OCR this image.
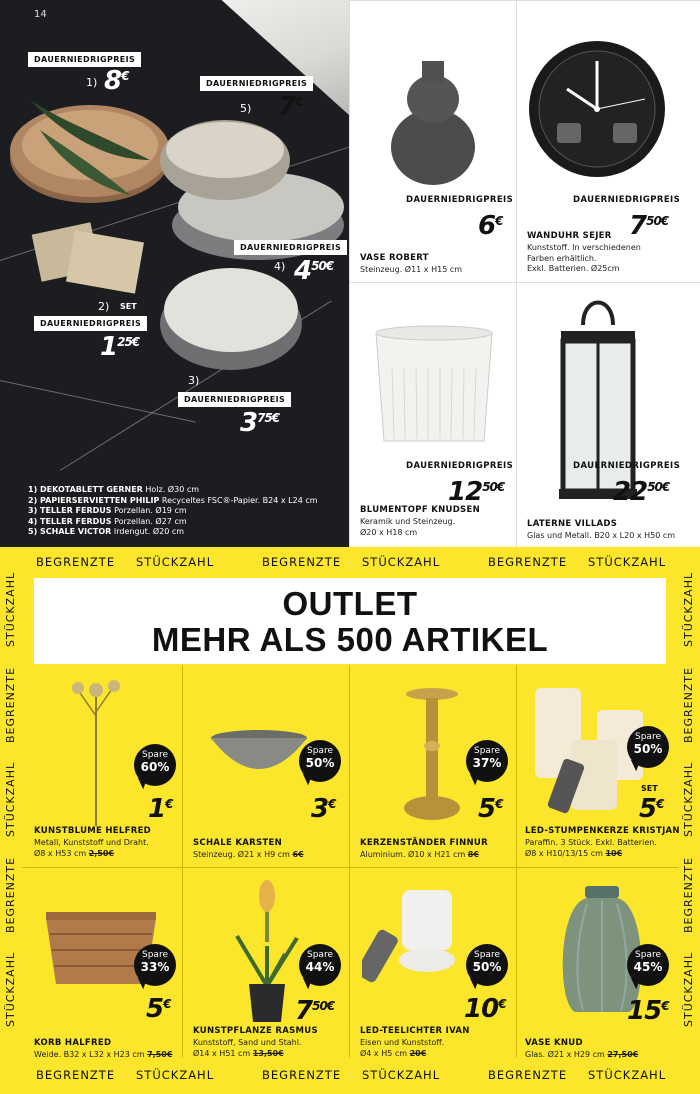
14
DAUERNIEDRIGPREIS
1) 8€
DAUERNIEDRIGPREIS
5) 7€
DAUERNIEDRIGPREIS
4) $4^{50€}$
2) SET
DAUERNIEDRIGPREIS
$1^{25€}$
3)
DAUERNIEDRIGPREIS
$3^{75€}$
1) DEKOTABLETT GERNER Holz. Ø30 cm
2) PAPIERSERVIETTEN PHILIP Recyceltes FSC®-Papier. B24 x L24 cm
3) TELLER FERDUS Porzellan. Ø19 cm
4) TELLER FERDUS Porzellan. Ø27 cm
5) SCHALE VICTOR Irdengut. Ø20 cm
DAUERNIEDRIGPREIS
6€
VASE ROBERT
Steinzeug. Ø11 x H15 cm
DAUERNIEDRIGPREIS
$7^{50€}$
WANDUHR SEJER
Kunststoff. In verschiedenen
Farben erhältlich.
Exkl. Batterien. Ø25cm
DAUERNIEDRIGPREIS
$12^{50€}$
BLUMENTOPF KNUDSEN
Keramik und Steinzeug.
Ø20 x H18 cm
DAUERNIEDRIGPREIS
$22^{50€}$
LATERNE VILLADS
Glas und Metall. B20 x L20 x H50 cm
BEGRENZTE STÜCKZAHL	BEGRENZTE STÜCKZAHL	BEGRENZTE STÜCKZAHL
BEGRENZTE STÜCKZAHL	BEGRENZTE STÜCKZAHL	BEGRENZTE STÜCKZAHL
STÜCKZAHL
BEGRENZTE
STÜCKZAHL
BEGRENZTE
STÜCKZAHL
STÜCKZAHL
BEGRENZTE
STÜCKZAHL
BEGRENZTE
STÜCKZAHL
OUTLET
MEHR ALS 500 ARTIKEL
Spare
60%
1€
KUNSTBLUME HELFRED
Metall, Kunststoff und Draht.
Ø8 x H53 cm 2,50€
Spare
50%
3€
SCHALE KARSTEN
Steinzeug. Ø21 x H9 cm 6€
Spare
37%
5€
KERZENSTÄNDER FINNUR
Aluminium. Ø10 x H21 cm 8€
Spare
50%
SET
5€
LED-STUMPENKERZE KRISTJAN
Paraffin. 3 Stück. Exkl. Batterien.
Ø8 x H10/13/15 cm 10€
Spare
33%
5€
KORB HALFRED
Weide. B32 x L32 x H23 cm 7,50€
Spare
44%
$7^{50€}$
KUNSTPFLANZE RASMUS
Kunststoff, Sand und Stahl.
Ø14 x H51 cm 13,50€
Spare
50%
10€
LED-TEELICHTER IVAN
Eisen und Kunststoff.
Ø4 x H5 cm 20€
Spare
45%
15€
VASE KNUD
Glas. Ø21 x H29 cm 27,50€
